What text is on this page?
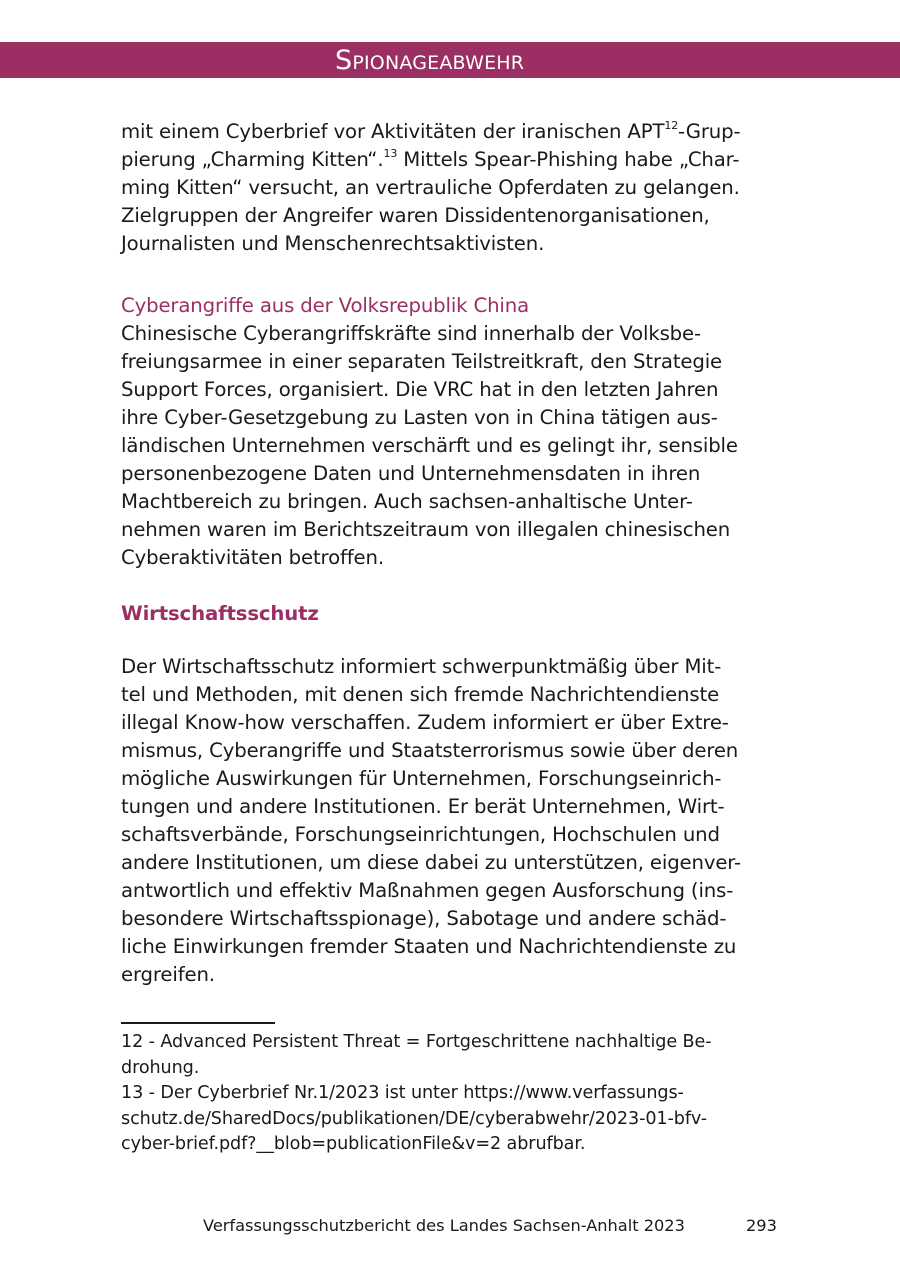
Spionageabwehr

mit einem Cyberbrief vor Aktivitäten der iranischen APT$^{12}$-Grup-
pierung „Charming Kitten“.$^{13}$ Mittels Spear-Phishing habe „Char-
ming Kitten“ versucht, an vertrauliche Opferdaten zu gelangen.
Zielgruppen der Angreifer waren Dissidentenorganisationen,
Journalisten und Menschenrechtsaktivisten.

Cyberangriffe aus der Volksrepublik China

Chinesische Cyberangriffskräfte sind innerhalb der Volksbe-
freiungsarmee in einer separaten Teilstreitkraft, den Strategie
Support Forces, organisiert. Die VRC hat in den letzten Jahren
ihre Cyber-Gesetzgebung zu Lasten von in China tätigen aus-
ländischen Unternehmen verschärft und es gelingt ihr, sensible
personenbezogene Daten und Unternehmensdaten in ihren
Machtbereich zu bringen. Auch sachsen-anhaltische Unter-
nehmen waren im Berichtszeitraum von illegalen chinesischen
Cyberaktivitäten betroffen.

Wirtschaftsschutz

Der Wirtschaftsschutz informiert schwerpunktmäßig über Mit-
tel und Methoden, mit denen sich fremde Nachrichtendienste
illegal Know-how verschaffen. Zudem informiert er über Extre-
mismus, Cyberangriffe und Staatsterrorismus sowie über deren
mögliche Auswirkungen für Unternehmen, Forschungseinrich-
tungen und andere Institutionen. Er berät Unternehmen, Wirt-
schaftsverbände, Forschungseinrichtungen, Hochschulen und
andere Institutionen, um diese dabei zu unterstützen, eigenver-
antwortlich und effektiv Maßnahmen gegen Ausforschung (ins-
besondere Wirtschaftsspionage), Sabotage und andere schäd-
liche Einwirkungen fremder Staaten und Nachrichtendienste zu
ergreifen.

12 - Advanced Persistent Threat = Fortgeschrittene nachhaltige Be-
drohung.

13 - Der Cyberbrief Nr.1/2023 ist unter https://www.verfassungs-
schutz.de/SharedDocs/publikationen/DE/cyberabwehr/2023-01-bfv-
cyber-brief.pdf?__blob=publicationFile&v=2 abrufbar.

Verfassungsschutzbericht des Landes Sachsen-Anhalt 2023	293
